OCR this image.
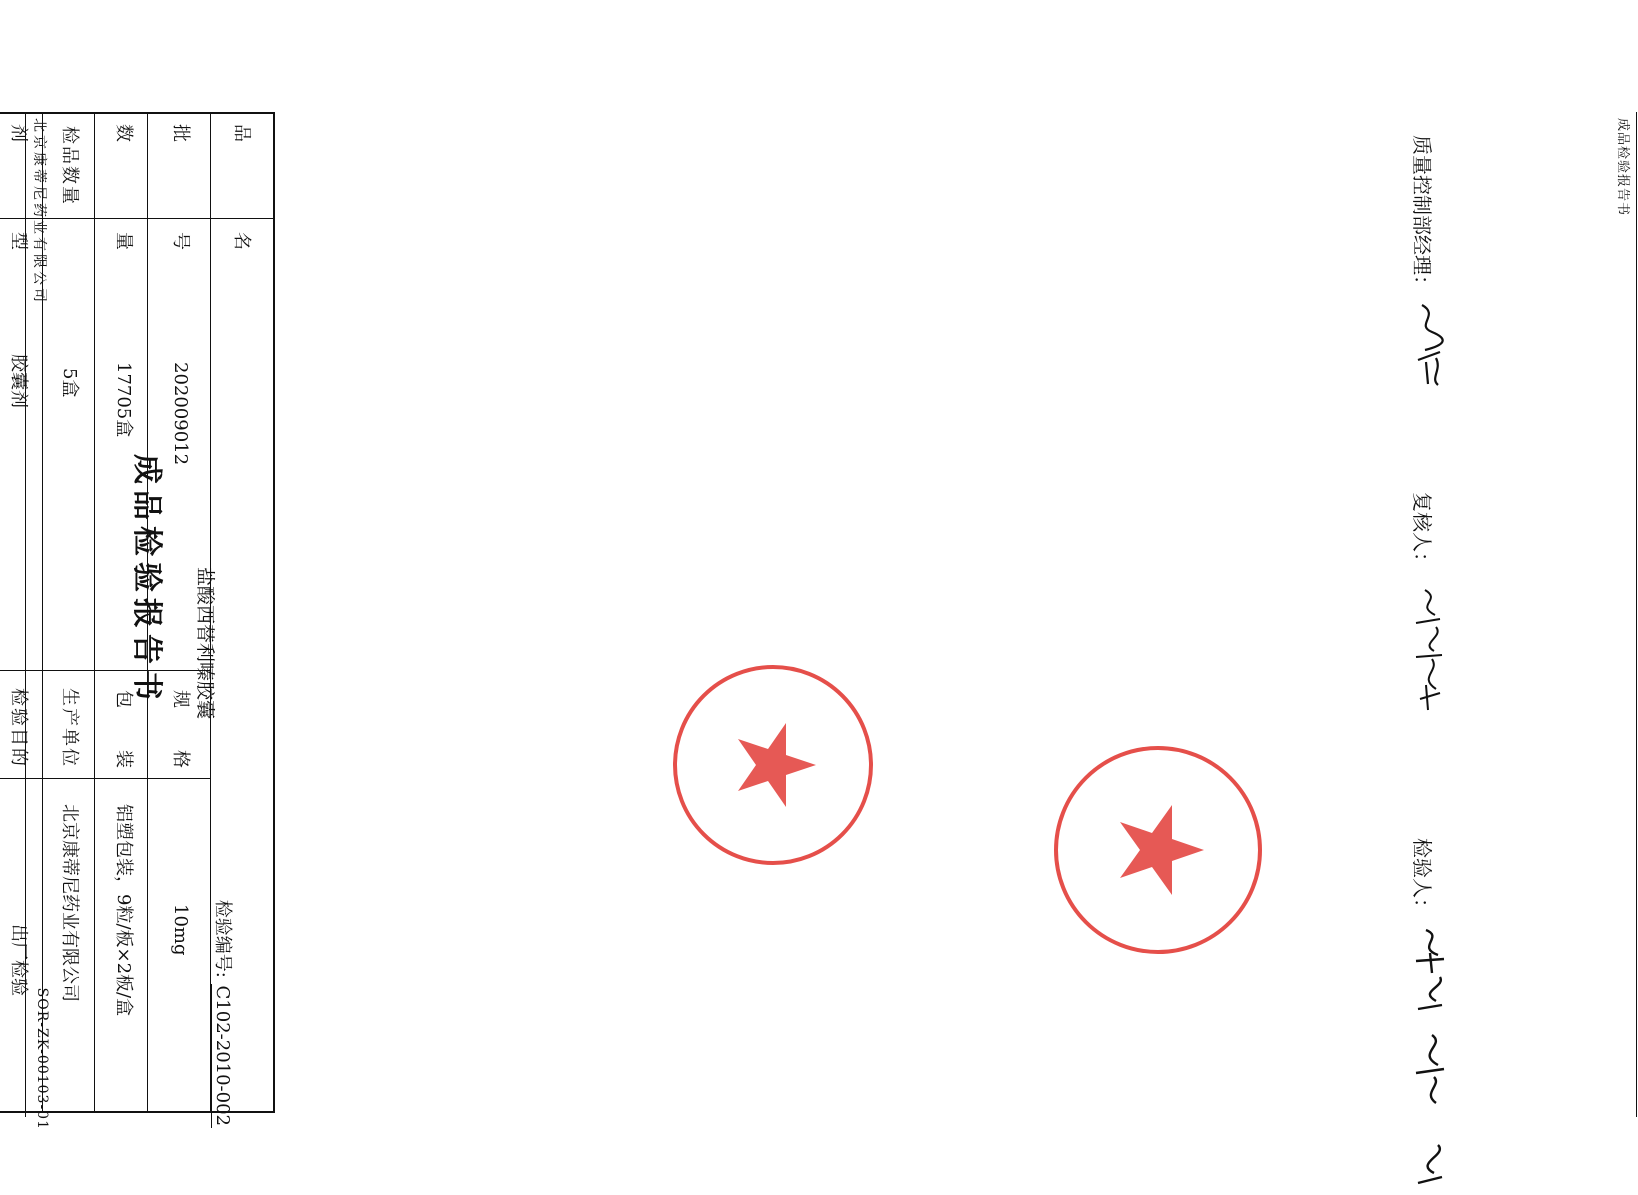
北京康蒂尼药业有限公司
SOR-ZK-00103-01
成品检验报告书	盐酸西替利嗪胶囊
检验编号: C102-2010-002
品　　名
批　　号
202009012
规　　格
10mg
数　　量
17705盒
包　　装
铝塑包装，9粒/板×2板/盒
检品数量
5盒
生产单位
北京康蒂尼药业有限公司
剂　　型
胶囊剂
检验目的
出厂检验
质量控制部经理：
复核人：
检验人：
成品检验报告书
